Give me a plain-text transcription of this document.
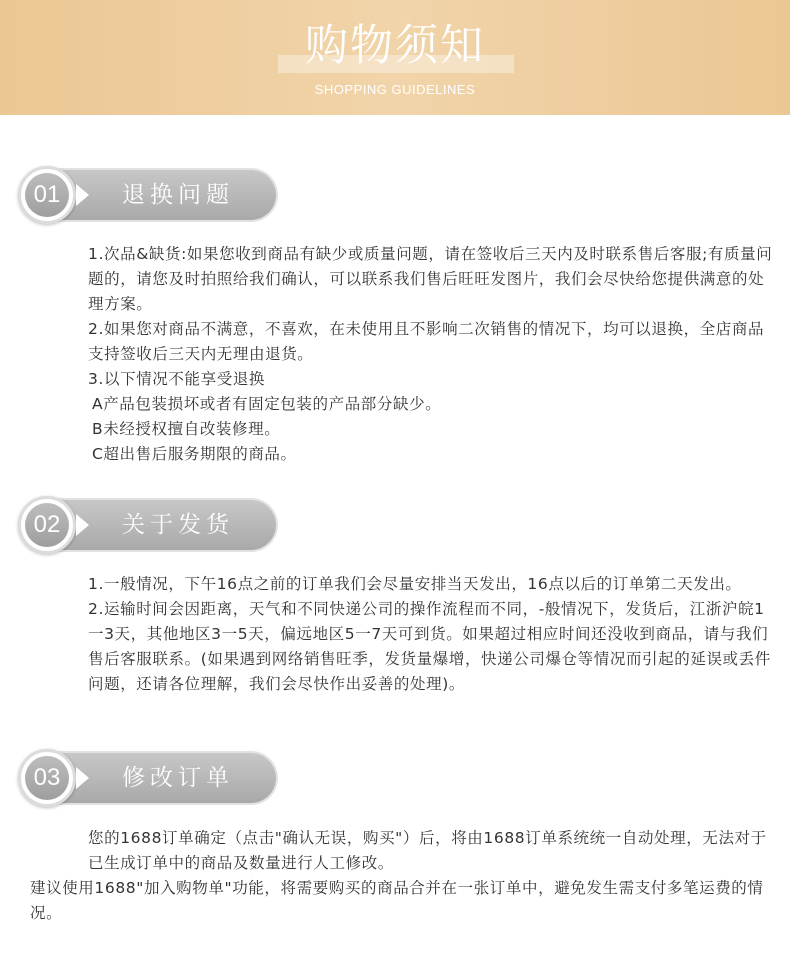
购物须知
SHOPPING GUIDELINES
01	退换问题
1.次品&缺货:如果您收到商品有缺少或质量问题，请在签收后三天内及时联系售后客服;有质量问题的，请您及时拍照给我们确认，可以联系我们售后旺旺发图片，我们会尽快给您提供满意的处理方案。
2.如果您对商品不满意，不喜欢，在未使用且不影响二次销售的情况下，均可以退换，全店商品支持签收后三天内无理由退货。
3.以下情况不能享受退换
A产品包装损坏或者有固定包装的产品部分缺少。
B未经授权擅自改装修理。
C超出售后服务期限的商品。
02	关于发货
1.一般情况，下午16点之前的订单我们会尽量安排当天发出，16点以后的订单第二天发出。
2.运输时间会因距离，天气和不同快递公司的操作流程而不同，-般情况下，发货后，江浙沪皖1一3天，其他地区3一5天，偏远地区5一7天可到货。如果超过相应时间还没收到商品，请与我们售后客服联系。(如果遇到网络销售旺季，发货量爆增，快递公司爆仓等情况而引起的延误或丢件问题，还请各位理解，我们会尽快作出妥善的处理)。
03	修改订单
您的1688订单确定（点击"确认无误，购买"）后，将由1688订单系统统一自动处理，无法对于已生成订单中的商品及数量进行人工修改。
建议使用1688"加入购物单"功能，将需要购买的商品合并在一张订单中，避免发生需支付多笔运费的情况。
